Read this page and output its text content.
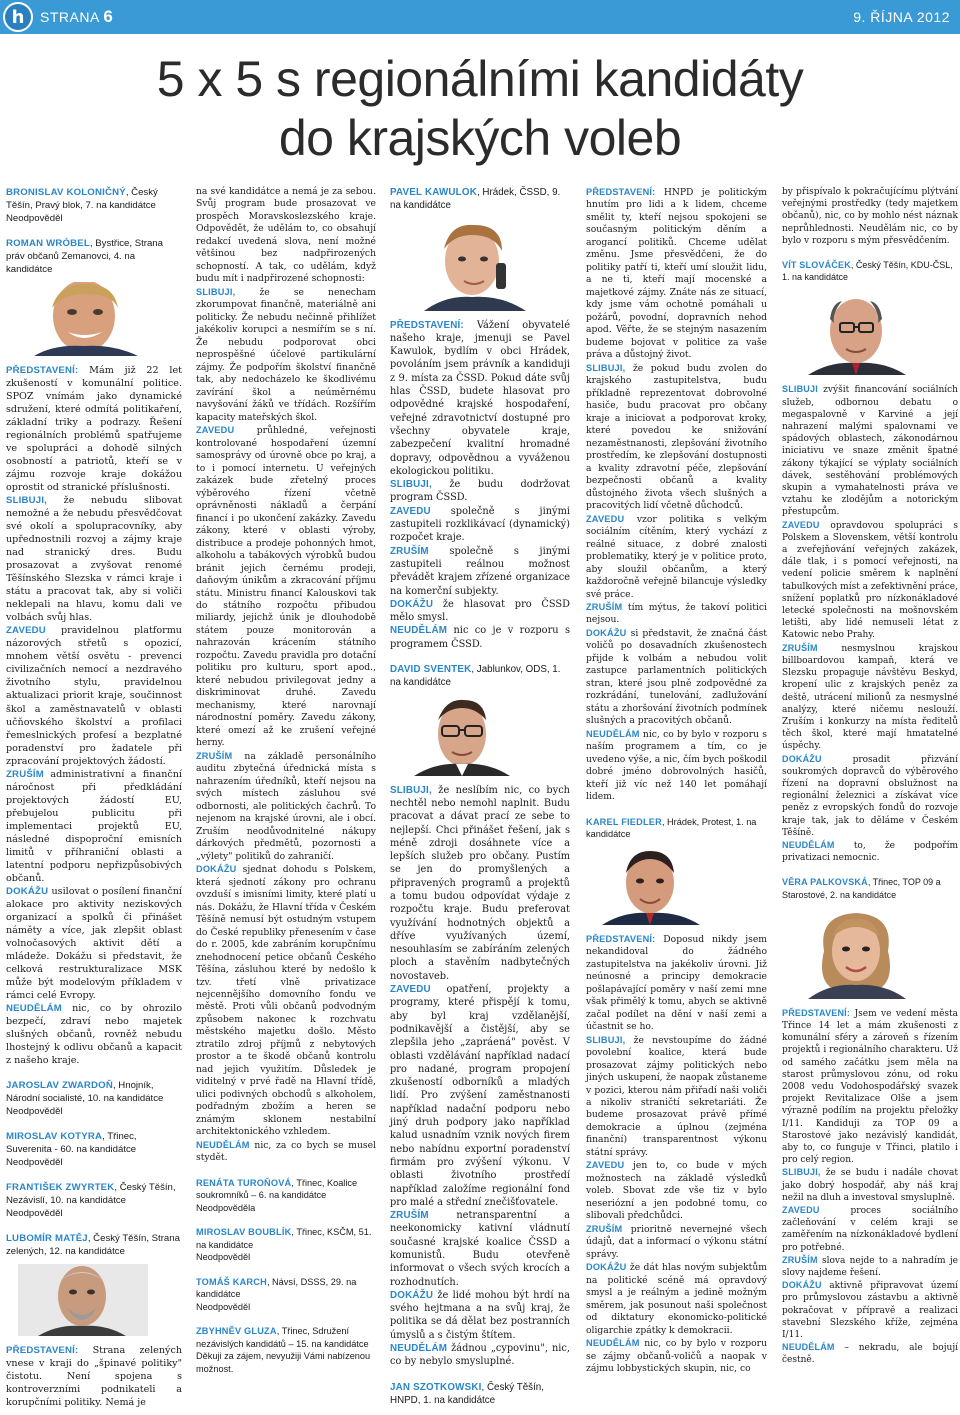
h	STRANA 6	9. ŘÍJNA 2012
5 x 5 s regionálními kandidáty
do krajských voleb
BRONISLAV KOLONIČNÝ, Český Těšín, Pravý blok, 7. na kandidátce
Neodpověděl
ROMAN WRÓBEL, Bystřice, Strana práv občanů Zemanovci, 4. na kandidátce

PŘEDSTAVENÍ: Mám již 22 let zkušeností v komunální politice. SPOZ vnímám jako dynamické sdružení, které odmítá politikaření, základní triky a podrazy. Řešení regionálních problémů spatřujeme ve spolupráci a dohodě silných osobností a patriotů, kteří se v zájmu rozvoje kraje dokážou oprostit od stranické příslušnosti.

SLIBUJI, že nebudu slibovat nemožné a že nebudu přesvědčovat své okolí a spolupracovníky, aby upřednostnili rozvoj a zájmy kraje nad stranický dres. Budu prosazovat a zvyšovat renomé Těšínského Slezska v rámci kraje i státu a pracovat tak, aby si voliči neklepali na hlavu, komu dali ve volbách svůj hlas.

ZAVEDU pravidelnou platformu názorových střetů s opozicí, mnohem větší osvětu - prevenci civilizačních nemocí a nezdravého životního stylu, pravidelnou aktualizaci priorit kraje, součinnost škol a zaměstnavatelů v oblasti učňovského školství a profilaci řemeslnických profesí a bezplatné poradenství pro žadatele při zpracování projektových žádostí.

ZRUŠÍM administrativní a finanční náročnost při předkládání projektových žádostí EU, přebujelou publicitu při implementaci projektů EU, následné dispoproční emisních limitů v příhraniční oblasti a latentní podporu nepřizpůsobivých občanů.

DOKÁŽU usilovat o posílení finanční alokace pro aktivity neziskových organizací a spolků či přinášet náměty a více, jak zlepšit oblast volnočasových aktivit dětí a mládeže. Dokážu si představit, že celková restrukturalizace MSK může být modelovým příkladem v rámci celé Evropy.

NEUDĚLÁM nic, co by ohrozilo bezpečí, zdraví nebo majetek slušných občanů, rovněž nebudu lhostejný k odlivu občanů a kapacit z našeho kraje.

JAROSLAV ZWARDOŇ, Hnojník, Národní socialisté, 10. na kandidátce
Neodpověděl
MIROSLAV KOTYRA, Třinec, Suverenita - 60. na kandidátce
Neodpověděl
FRANTIŠEK ZWYRTEK, Český Těšín, Nezávislí, 10. na kandidátce
Neodpověděl
LUBOMÍR MATĚJ, Český Těšín, Strana zelených, 12. na kandidátce

PŘEDSTAVENÍ: Strana zelených vnese v kraji do „špinavé politiky" čistotu. Není spojena s kontroverzními podnikateli a korupčními politiky. Nemá je

na své kandidátce a nemá je za sebou. Svůj program bude prosazovat ve prospěch Moravskoslezského kraje. Odpovědět, že udělám to, co obsahují redakcí uvedená slova, není možné většinou bez nadpřirozených schopností. A tak, co udělám, když budu mít i nadpřirozené schopnosti:

SLIBUJI,	že se nenecham zkorumpovat finančně, materiálně ani politicky. Že nebudu nečinně přihlížet jakékoliv korupci a nesmířím se s ní. Že nebudu podporovat obci neprospěšné účelové partikulární zájmy. Že podpořím školství finančně tak, aby nedocházelo ke škodlivému zavírání škol a neúměrnému navyšování žáků ve třídách. Rozšířím kapacity mateřských škol.

ZAVEDU průhledné, veřejnosti kontrolované hospodaření územní samosprávy od úrovně obce po kraj, a to i pomocí internetu. U veřejných zakázek bude zřetelný proces výběrového řízení včetně oprávněnosti nákladů a čerpání financí i po ukončení zakázky. Zavedu zákony, které v oblasti výroby, distribuce a prodeje pohonných hmot, alkoholu a tabákových výrobků budou bránit jejich černému prodeji, daňovým únikům a zkracování příjmu státu. Ministru financí Kalouskovi tak do státního rozpočtu přibudou miliardy, jejichž únik je dlouhodobě státem pouze monitorován a nahrazován krácením státního rozpočtu. Zavedu pravidla pro dotační politiku pro kulturu, sport apod., které nebudou privilegovat jedny a diskriminovat druhé. Zavedu mechanismy, které narovnají národnostní poměry. Zavedu zákony, které omezí až ke zrušení veřejné herny.

ZRUŠÍM na základě personálního auditu zbytečná úřednická místa s nahrazením úředníků, kteří nejsou na svých místech zásluhou své odbornosti, ale politických čachrů. To nejenom na krajské úrovni, ale i obcí. Zruším neodůvodnitelné nákupy dárkových předmětů, pozornosti a „výlety" politiků do zahraničí.

DOKÁŽU sjednat dohodu s Polskem, která sjednotí zákony pro ochranu ovzduší s imisními limity, které platí u nás. Dokážu, že Hlavní třída v Českém Těšíně nemusí být ostudným vstupem do České republiky přenesením v čase do r. 2005, kde zabráním korupčnímu znehodnocení petice občanů Českého Těšína, zásluhou které by nedošlo k tzv. třetí vlně privatizace nejcennějšího domovního fondu ve městě. Proti vůli občanů podvodným způsobem nakonec k rozchvatu městského majetku došlo. Město ztratilo zdroj příjmů z nebytových prostor a te škodě občanů kontrolu nad jejich využitím. Důsledek je viditelný v prvé řadě na Hlavní třídě, ulici podivných obchodů s alkoholem, podřadným zbožím a heren se známým sklonem nestabilní architektonického vzhledem.

NEUDĚLÁM nic, za co bych se musel stydět.

RENÁTA TUROŇOVÁ, Třinec, Koalice soukromníků – 6. na kandidátce
Neodpověděla
MIROSLAV BOUBLÍK, Třinec, KSČM, 51. na kandidátce
Neodpověděl
TOMÁŠ KARCH, Návsí, DSSS, 29. na kandidátce
Neodpověděl
ZBYHNĚV GLUZA, Třinec, Sdružení nezávislých kandidátů – 15. na kandidátce
Děkuji za zájem, nevyužiji Vámi nabízenou možnost.
PAVEL KAWULOK, Hrádek, ČSSD, 9. na kandidátce

PŘEDSTAVENÍ: Vážení obyvatelé našeho kraje, jmenuji se Pavel Kawulok, bydlím v obci Hrádek, povoláním jsem právník a kandiduji z 9. místa za ČSSD. Pokud dáte svůj hlas ČSSD, budete hlasovat pro odpovědné krajské hospodaření, veřejné zdravotnictví dostupné pro všechny obyvatele kraje, zabezpečení kvalitní hromadné dopravy, odpovědnou a vyváženou ekologickou politiku.

SLIBUJI, že budu dodržovat program ČSSD.

ZAVEDU společně s jinými zastupiteli rozklikávací (dynamický) rozpočet kraje.

ZRUŠÍM společně s jinými zastupiteli reálnou možnost převádět krajem zřízené organizace na komerční subjekty.

DOKÁŽU že hlasovat pro ČSSD mělo smysl.

NEUDĚLÁM nic co je v rozporu s programem ČSSD.

DAVID SVENTEK, Jablunkov, ODS, 1. na kandidátce

SLIBUJI, že neslíbím nic, co bych nechtěl nebo nemohl naplnit. Budu pracovat a dávat prací ze sebe to nejlepší. Chci přinášet řešení, jak s méně zdroji dosáhnete více a lepších služeb pro občany. Pustím se jen do promyšlených a připravených programů a projektů a tomu budou odpovídat výdaje z rozpočtu kraje. Budu preferovat využívání hodnotných objektů a dříve využívaných území, nesouhlasím se zabíráním zelených ploch a stavěním nadbytečných novostaveb.

ZAVEDU opatření, projekty a programy, které přispějí k tomu, aby byl kraj vzdělanější, podnikavější a čistější, aby se zlepšila jeho „zapráená" pověst. V oblasti vzdělávání například nadací pro nadané, program propojení zkušeností odborníků a mladých lidí. Pro zvýšení zaměstnanosti například nadační podporu nebo jiný druh podpory jako například kalud usnadním vznik nových firem nebo nabídnu exportní poradenství firmám pro zvýšení výkonu. V oblasti životního prostředí například založíme regionální fond pro malé a střední znečišťovatele.

ZRUŠÍM	netransparentní a neekonomicky kativní vládnutí současné krajské koalice ČSSD a komunistů. Budu otevřeně informovat o všech svých krocích a rozhodnutích.

DOKÁŽU že lidé mohou být hrdí na svého hejtmana a na svůj kraj, že politika se dá dělat bez postranních úmyslů a s čistým štítem.

NEUDĚLÁM žádnou „cypovinu", nic, co by nebylo smysluplné.

JAN SZOTKOWSKI, Český Těšín, HNPD, 1. na kandidátce

PŘEDSTAVENÍ: HNPD je politickým hnutím pro lidi a k lidem, chceme smělit ty, kteří nejsou spokojeni se současným politickým děním a arogancí politiků. Chceme udělat změnu. Jsme přesvědčeni, že do politiky patří ti, kteří umí sloužit lidu, a ne ti, kteří mají mocenské a majetkové zájmy. Znáte nás ze situací, kdy jsme vám ochotně pomáhali u požárů, povodní, dopravních nehod apod. Věřte, že se stejným nasazením budeme bojovat v politice za vaše práva a důstojný život.

SLIBUJI, že pokud budu zvolen do krajského zastupitelstva, budu příkladně reprezentovat dobrovolné hasiče, budu pracovat pro občany kraje a iniciovat a podporovat kroky, které povedou ke snižování nezaměstnanosti, zlepšování životního prostředím, ke zlepšování dostupnosti a kvality zdravotní péče, zlepšování bezpečnosti občanů a kvality důstojného života všech slušných a pracovitých lidí včetně důchodců.

ZAVEDU vzor politika s velkým sociálním cítěním, který vychází z reálné situace, z dobré znalosti problematiky, který je v politice proto, aby sloužil občanům, a který každoročně veřejně bilancuje výsledky své práce.

ZRUŠÍM tím mýtus, že takoví politici nejsou.

DOKÁŽU si představit, že značná část voličů po dosavadních zkušenostech přijde k volbám a nebudou volit zastupce parlamentních politických stran, které jsou plně zodpovědné za rozkrádání, tunelování, zadlužování státu a zhoršování životních podmínek slušných a pracovitých občanů.

NEUDĚLÁM nic, co by bylo v rozporu s naším programem a tím, co je uvedeno výše, a nic, čím bych poškodil dobré jméno dobrovolných hasičů, kteří již víc než 140 let pomáhají lidem.

KAREL FIEDLER, Hrádek, Protest, 1. na kandidátce

PŘEDSTAVENÍ: Doposud nikdy jsem nekandidoval do žádného zastupitelstva na jakékoliv úrovni. Již neúnosné a principy demokracie pošlapávající poměry v naší zemi mne však přimělý k tomu, abych se aktivně začal podílet na dění v naší zemi a účastnit se ho.

SLIBUJI, že nevstoupíme do žádné povolební koalice, která bude prosazovat zájmy politických nebo jiných uskupení, že naopak zůstaneme v pozici, kterou nám přiřadí naši voliči a nikoliv straničtí sekretariáti. Že budeme prosazovat právě přímé demokracie a úplnou (zejména finanční) transparentnost výkonu státní správy.

ZAVEDU jen to, co bude v mých možnostech na základě výsledků voleb. Sbovat zde vše tiz v bylo neseriózní a jen podobné tomu, co slibovali předchůdci.

ZRUŠÍM prioritně nevernejné všech údajů, dat a informací o výkonu státní správy.

DOKÁŽU že dát hlas novým subjektům na politické scéně má opravdový smysl a je reálným a jedině možným směrem, jak posunout naši společnost od diktatury ekonomicko-politické oligarchie zpátky k demokracii.

NEUDĚLÁM nic, co by bylo v rozporu se zájmy občanů-voličů a naopak v zájmu lobbystických skupin, nic, co

by přispívalo k pokračujícímu plýtvání veřejnými prostředky (tedy majetkem občanů), nic, co by mohlo nést náznak neprůhlednosti. Neudělám nic, co by bylo v rozporu s mým přesvědčením.

VÍT SLOVÁČEK, Český Těšín, KDU-ČSL, 1. na kandidátce

SLIBUJI zvýšit financování sociálních služeb, odbornou debatu o megaspalovně v Karviné a její nahrazení malými spalovnami ve spádových oblastech, zákonodárnou iniciativu ve snaze změnit špatné zákony týkající se výplaty sociálních dávek, sestěhování problémových skupin a vymahatelnosti práva ve vztahu ke zlodějům a notorickým přestupcům.

ZAVEDU opravdovou spolupráci s Polskem a Slovenskem, větší kontrolu a zveřejňování veřejných zakázek, dále tlak, i s pomocí veřejnosti, na vedení policie směrem k naplnění tabulkových míst a zefektivnění práce, snížení poplatků pro nízkonákladové letecké společnosti na mošnovském letišti, aby lidé nemuseli létat z Katowic nebo Prahy.

ZRUŠÍM	nesmyslnou krajskou billboardovou kampaň, která ve Slezsku propaguje návštěvu Beskyd, kropení ulic z krajských peněz za deště, utrácení milionů za nesmyslné analýzy, které ničemu neslouží. Zruším i konkurzy na místa ředitelů těch škol, které mají hmatatelné úspěchy.

DOKÁŽU	prosadit přizvání soukromých dopravců do výběrového řízení na dopravní obslužnost na regionální železnici a získávat více peněz z evropských fondů do rozvoje kraje tak, jak to děláme v Českém Těšíně.

NEUDĚLÁM to, že podpořím privatizaci nemocnic.

VĚRA PALKOVSKÁ, Třinec, TOP 09 a Starostové, 2. na kandidátce

PŘEDSTAVENÍ: Jsem ve vedení města Třince 14 let a mám zkušenosti z komunální sféry a zároveň s řízením projektů i regionálního charakteru. Už od samého začátku jsem měla na starost průmyslovou zónu, od roku 2008 vedu Vodohospodářský svazek projekt Revitalizace Olše a jsem výrazně podílím na projektu přeložky I/11. Kandiduji za TOP 09 a Starostové jako nezávislý kandidát, aby to, co funguje v Třinci, platilo i pro celý region.

SLIBUJI, že se budu i nadále chovat jako dobrý hospodář, aby náš kraj nežil na dluh a investoval smysluplně.

ZAVEDU	proces sociálního začleňování v celém kraji se zaměřením na nízkonákladové bydlení pro potřebné.

ZRUŠÍM slova nejde to a nahradím je slovy najdeme řešení.

DOKÁŽU aktivně připravovat území pro průmyslovou zástavbu a aktivně pokračovat v přípravě a realizaci stavební Slezského kříže, zejména I/11.

NEUDĚLÁM – nekradu, ale bojují čestně.
